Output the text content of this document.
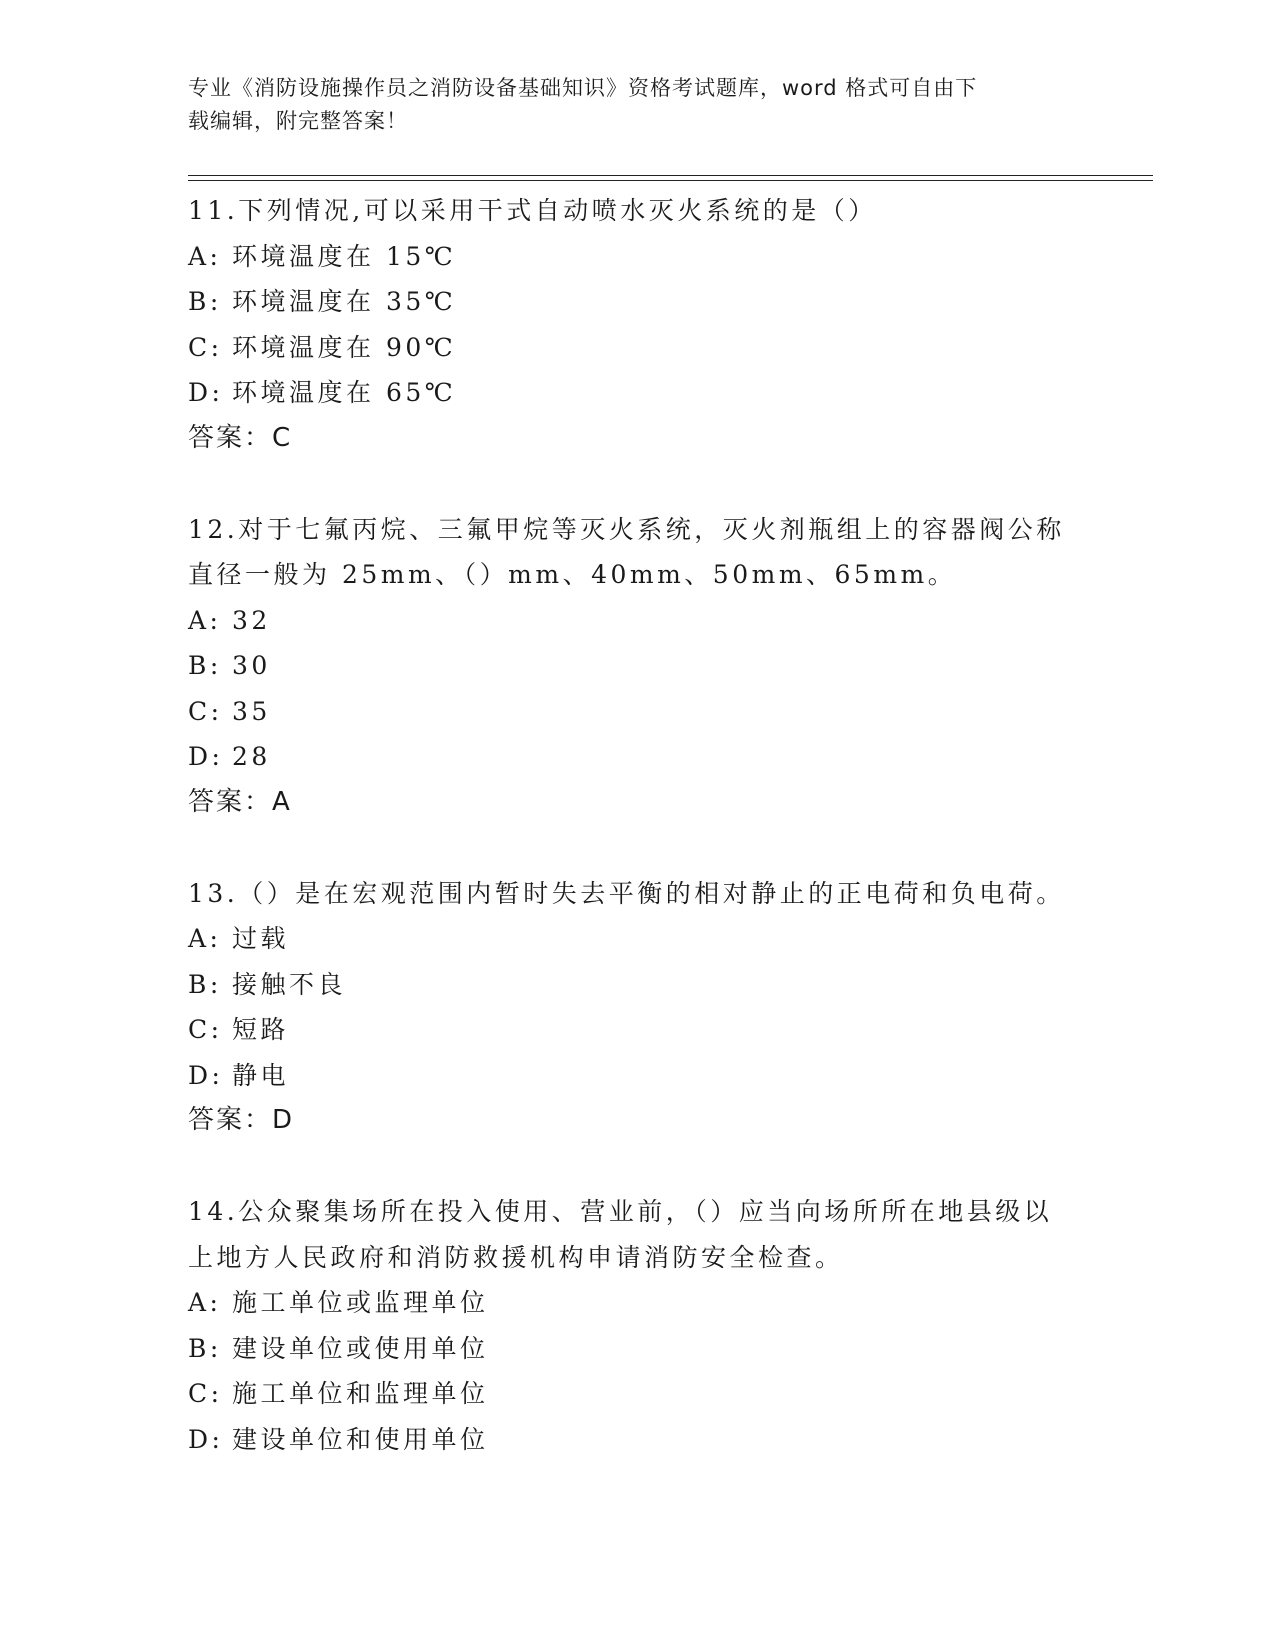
专业《消防设施操作员之消防设备基础知识》资格考试题库，word 格式可自由下
载编辑，附完整答案！
11.下列情况,可以采用干式自动喷水灭火系统的是（）
A: 环境温度在 15℃
B: 环境温度在 35℃
C: 环境温度在 90℃
D: 环境温度在 65℃
答案：C
12.对于七氟丙烷、三氟甲烷等灭火系统，灭火剂瓶组上的容器阀公称
直径一般为 25mm、（）mm、40mm、50mm、65mm。
A: 32
B: 30
C: 35
D: 28
答案：A
13.（）是在宏观范围内暂时失去平衡的相对静止的正电荷和负电荷。
A: 过载
B: 接触不良
C: 短路
D: 静电
答案：D
14.公众聚集场所在投入使用、营业前，（）应当向场所所在地县级以
上地方人民政府和消防救援机构申请消防安全检查。
A: 施工单位或监理单位
B: 建设单位或使用单位
C: 施工单位和监理单位
D: 建设单位和使用单位
